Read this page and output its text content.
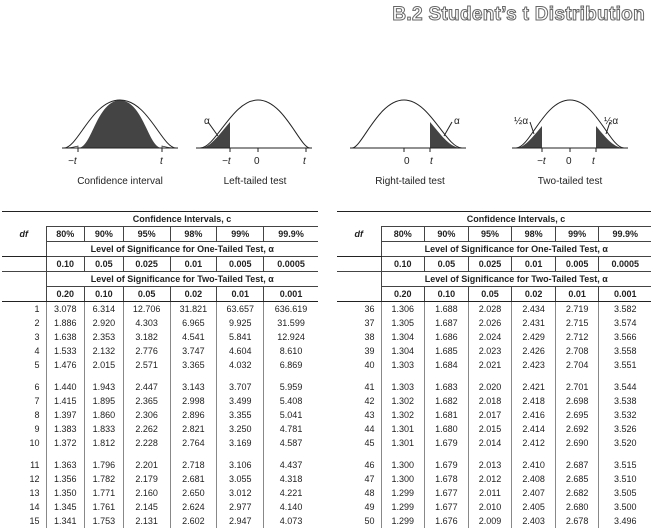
B.2 Student’s t Distribution
−t	t
Confidence interval
α
−t 0	t
Left-tailed test
α
0 t
Right-tailed test
½α	½α
−t 0 t
Two-tailed test
df	Confidence Intervals, c					
	80%	90%	95%	98%	99%	99.9%
	Level of Significance for One-Tailed Test, α					
	0.10	0.05	0.025	0.01	0.005	0.0005
	Level of Significance for Two-Tailed Test, α					
	0.20	0.10	0.05	0.02	0.01	0.001
1	3.078	6.314	12.706	31.821	63.657	636.619
2	1.886	2.920	4.303	6.965	9.925	31.599
3	1.638	2.353	3.182	4.541	5.841	12.924
4	1.533	2.132	2.776	3.747	4.604	8.610
5	1.476	2.015	2.571	3.365	4.032	6.869

6	1.440	1.943	2.447	3.143	3.707	5.959
7	1.415	1.895	2.365	2.998	3.499	5.408
8	1.397	1.860	2.306	2.896	3.355	5.041
9	1.383	1.833	2.262	2.821	3.250	4.781
10	1.372	1.812	2.228	2.764	3.169	4.587

11	1.363	1.796	2.201	2.718	3.106	4.437
12	1.356	1.782	2.179	2.681	3.055	4.318
13	1.350	1.771	2.160	2.650	3.012	4.221
14	1.345	1.761	2.145	2.624	2.977	4.140
15	1.341	1.753	2.131	2.602	2.947	4.073
df	Confidence Intervals, c					
	80%	90%	95%	98%	99%	99.9%
	Level of Significance for One-Tailed Test, α					
	0.10	0.05	0.025	0.01	0.005	0.0005
	Level of Significance for Two-Tailed Test, α					
	0.20	0.10	0.05	0.02	0.01	0.001
36	1.306	1.688	2.028	2.434	2.719	3.582
37	1.305	1.687	2.026	2.431	2.715	3.574
38	1.304	1.686	2.024	2.429	2.712	3.566
39	1.304	1.685	2.023	2.426	2.708	3.558
40	1.303	1.684	2.021	2.423	2.704	3.551

41	1.303	1.683	2.020	2.421	2.701	3.544
42	1.302	1.682	2.018	2.418	2.698	3.538
43	1.302	1.681	2.017	2.416	2.695	3.532
44	1.301	1.680	2.015	2.414	2.692	3.526
45	1.301	1.679	2.014	2.412	2.690	3.520

46	1.300	1.679	2.013	2.410	2.687	3.515
47	1.300	1.678	2.012	2.408	2.685	3.510
48	1.299	1.677	2.011	2.407	2.682	3.505
49	1.299	1.677	2.010	2.405	2.680	3.500
50	1.299	1.676	2.009	2.403	2.678	3.496
